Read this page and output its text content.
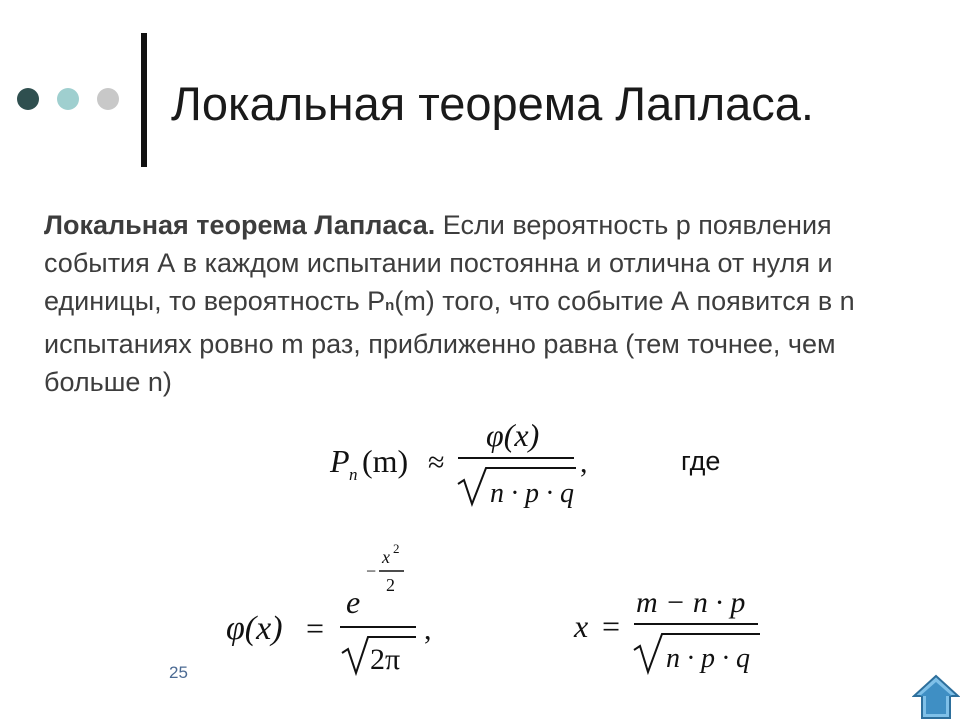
Локальная теорема Лапласа.
Локальная теорема Лапласа. Если вероятность р появления события А в каждом испытании постоянна и отлична от нуля и единицы, то вероятность Рn(m) того, что событие А появится в n испытаниях ровно m раз, приближенно равна (тем точнее, чем больше n)
P n (m) ≈
φ(x)
n · p · q
,	где
φ(x) =
e
−
x 2
2
2π
,	x =
m − n · p
n · p · q
25
